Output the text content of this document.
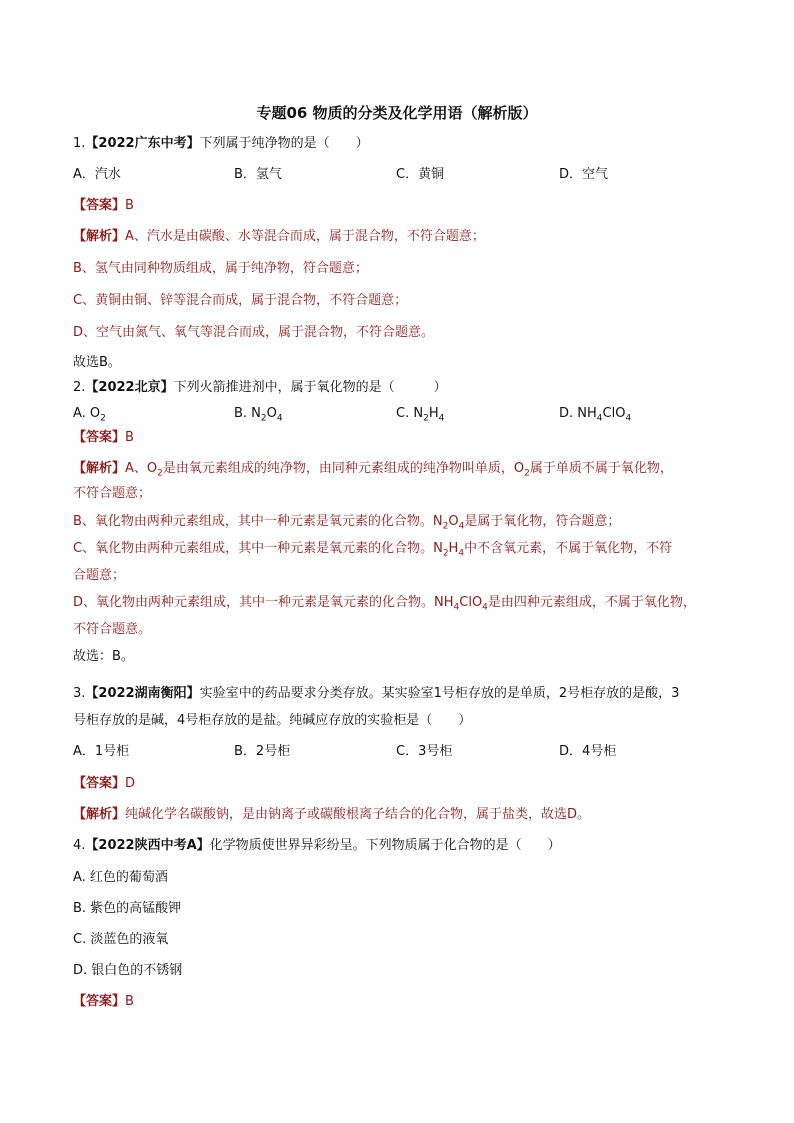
专题06 物质的分类及化学用语（解析版）
1.【2022广东中考】下列属于纯净物的是（　　）
A．汽水	B．氢气	C．黄铜	D．空气
【答案】B
【解析】A、汽水是由碳酸、水等混合而成，属于混合物，不符合题意；
B、氢气由同种物质组成，属于纯净物，符合题意；
C、黄铜由铜、锌等混合而成，属于混合物，不符合题意；
D、空气由氮气、氧气等混合而成，属于混合物，不符合题意。
故选B。
2.【2022北京】下列火箭推进剂中，属于氧化物的是（　　　）
A. $O_2$	B. $N_2O_4$	C. $N_2H_4$	D. $NH_4ClO_4$
【答案】B
【解析】A、$O_2$是由氧元素组成的纯净物，由同种元素组成的纯净物叫单质，$O_2$属于单质不属于氧化物，
不符合题意；
B、氧化物由两种元素组成，其中一种元素是氧元素的化合物。$N_2O_4$是属于氧化物，符合题意；
C、氧化物由两种元素组成，其中一种元素是氧元素的化合物。$N_2H_4$中不含氧元素，不属于氧化物，不符
合题意；
D、氧化物由两种元素组成，其中一种元素是氧元素的化合物。$NH_4ClO_4$是由四种元素组成，不属于氧化物，
不符合题意。
故选：B。
3.【2022湖南衡阳】实验室中的药品要求分类存放。某实验室1号柜存放的是单质，2号柜存放的是酸，3
号柜存放的是碱，4号柜存放的是盐。纯碱应存放的实验柜是（　　）
A．1号柜	B．2号柜	C．3号柜	D．4号柜
【答案】D
【解析】纯碱化学名碳酸钠，是由钠离子或碳酸根离子结合的化合物，属于盐类，故选D。
4.【2022陕西中考A】化学物质使世界异彩纷呈。下列物质属于化合物的是（　　）
A. 红色的葡萄酒
B. 紫色的高锰酸钾
C. 淡蓝色的液氧
D. 银白色的不锈钢
【答案】B
